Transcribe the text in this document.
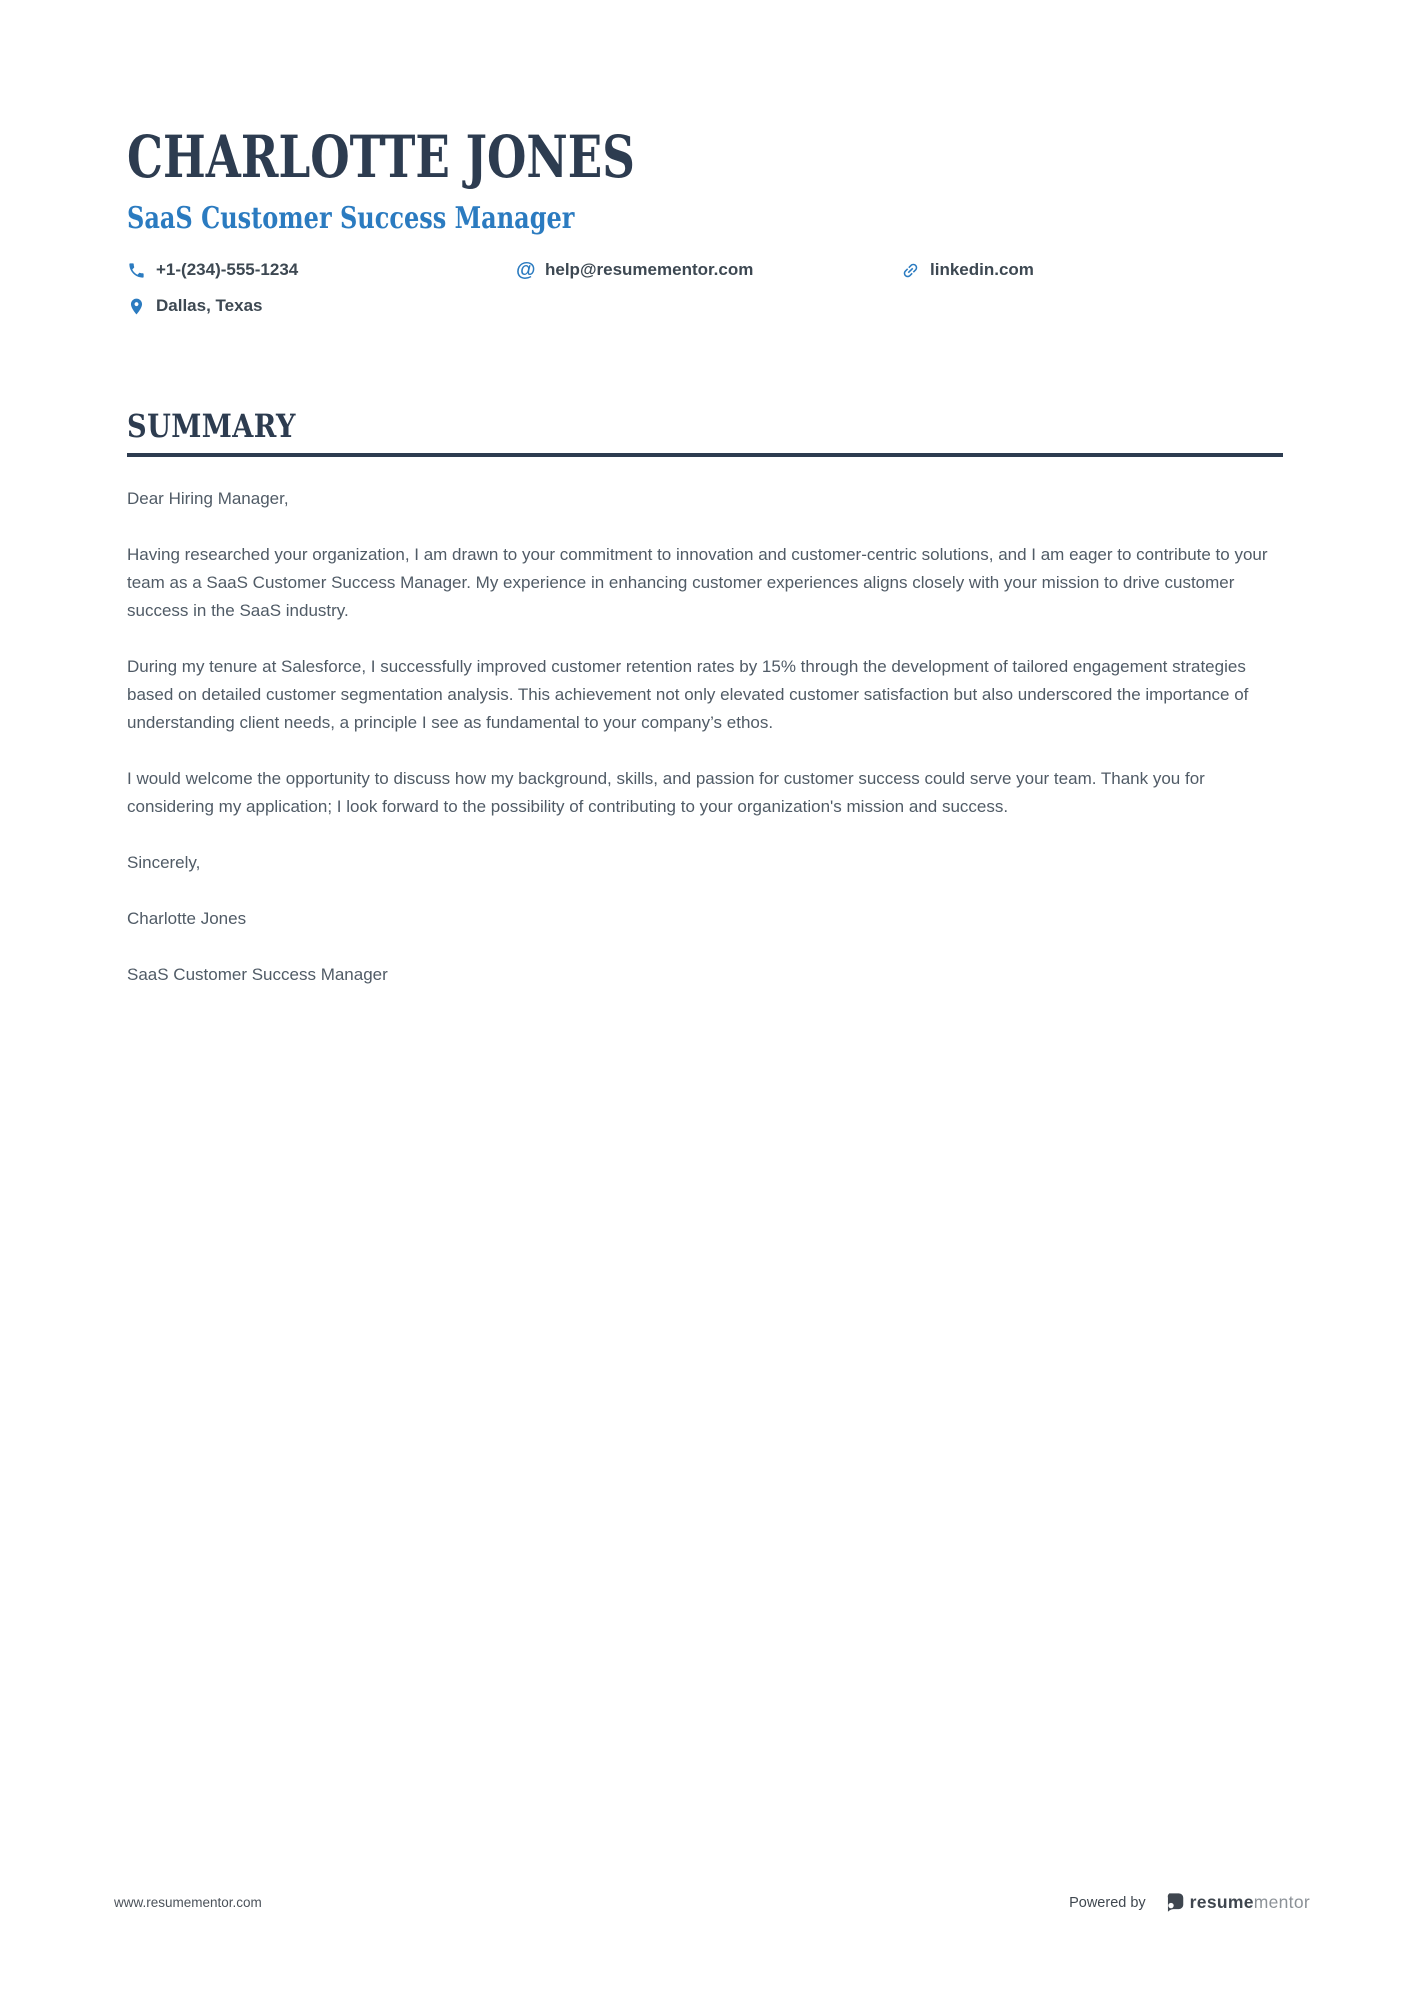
CHARLOTTE JONES
SaaS Customer Success Manager
+1-(234)-555-1234	@ help@resumementor.com	linkedin.com
Dallas, Texas
SUMMARY

Dear Hiring Manager,

Having researched your organization, I am drawn to your commitment to innovation and customer-centric solutions, and I am eager to contribute to your team as a SaaS Customer Success Manager. My experience in enhancing customer experiences aligns closely with your mission to drive customer success in the SaaS industry.

During my tenure at Salesforce, I successfully improved customer retention rates by 15% through the development of tailored engagement strategies based on detailed customer segmentation analysis. This achievement not only elevated customer satisfaction but also underscored the importance of understanding client needs, a principle I see as fundamental to your company’s ethos.

I would welcome the opportunity to discuss how my background, skills, and passion for customer success could serve your team. Thank you for considering my application; I look forward to the possibility of contributing to your organization's mission and success.

Sincerely,

Charlotte Jones

SaaS Customer Success Manager

www.resumementor.com	Powered by	resumementor
